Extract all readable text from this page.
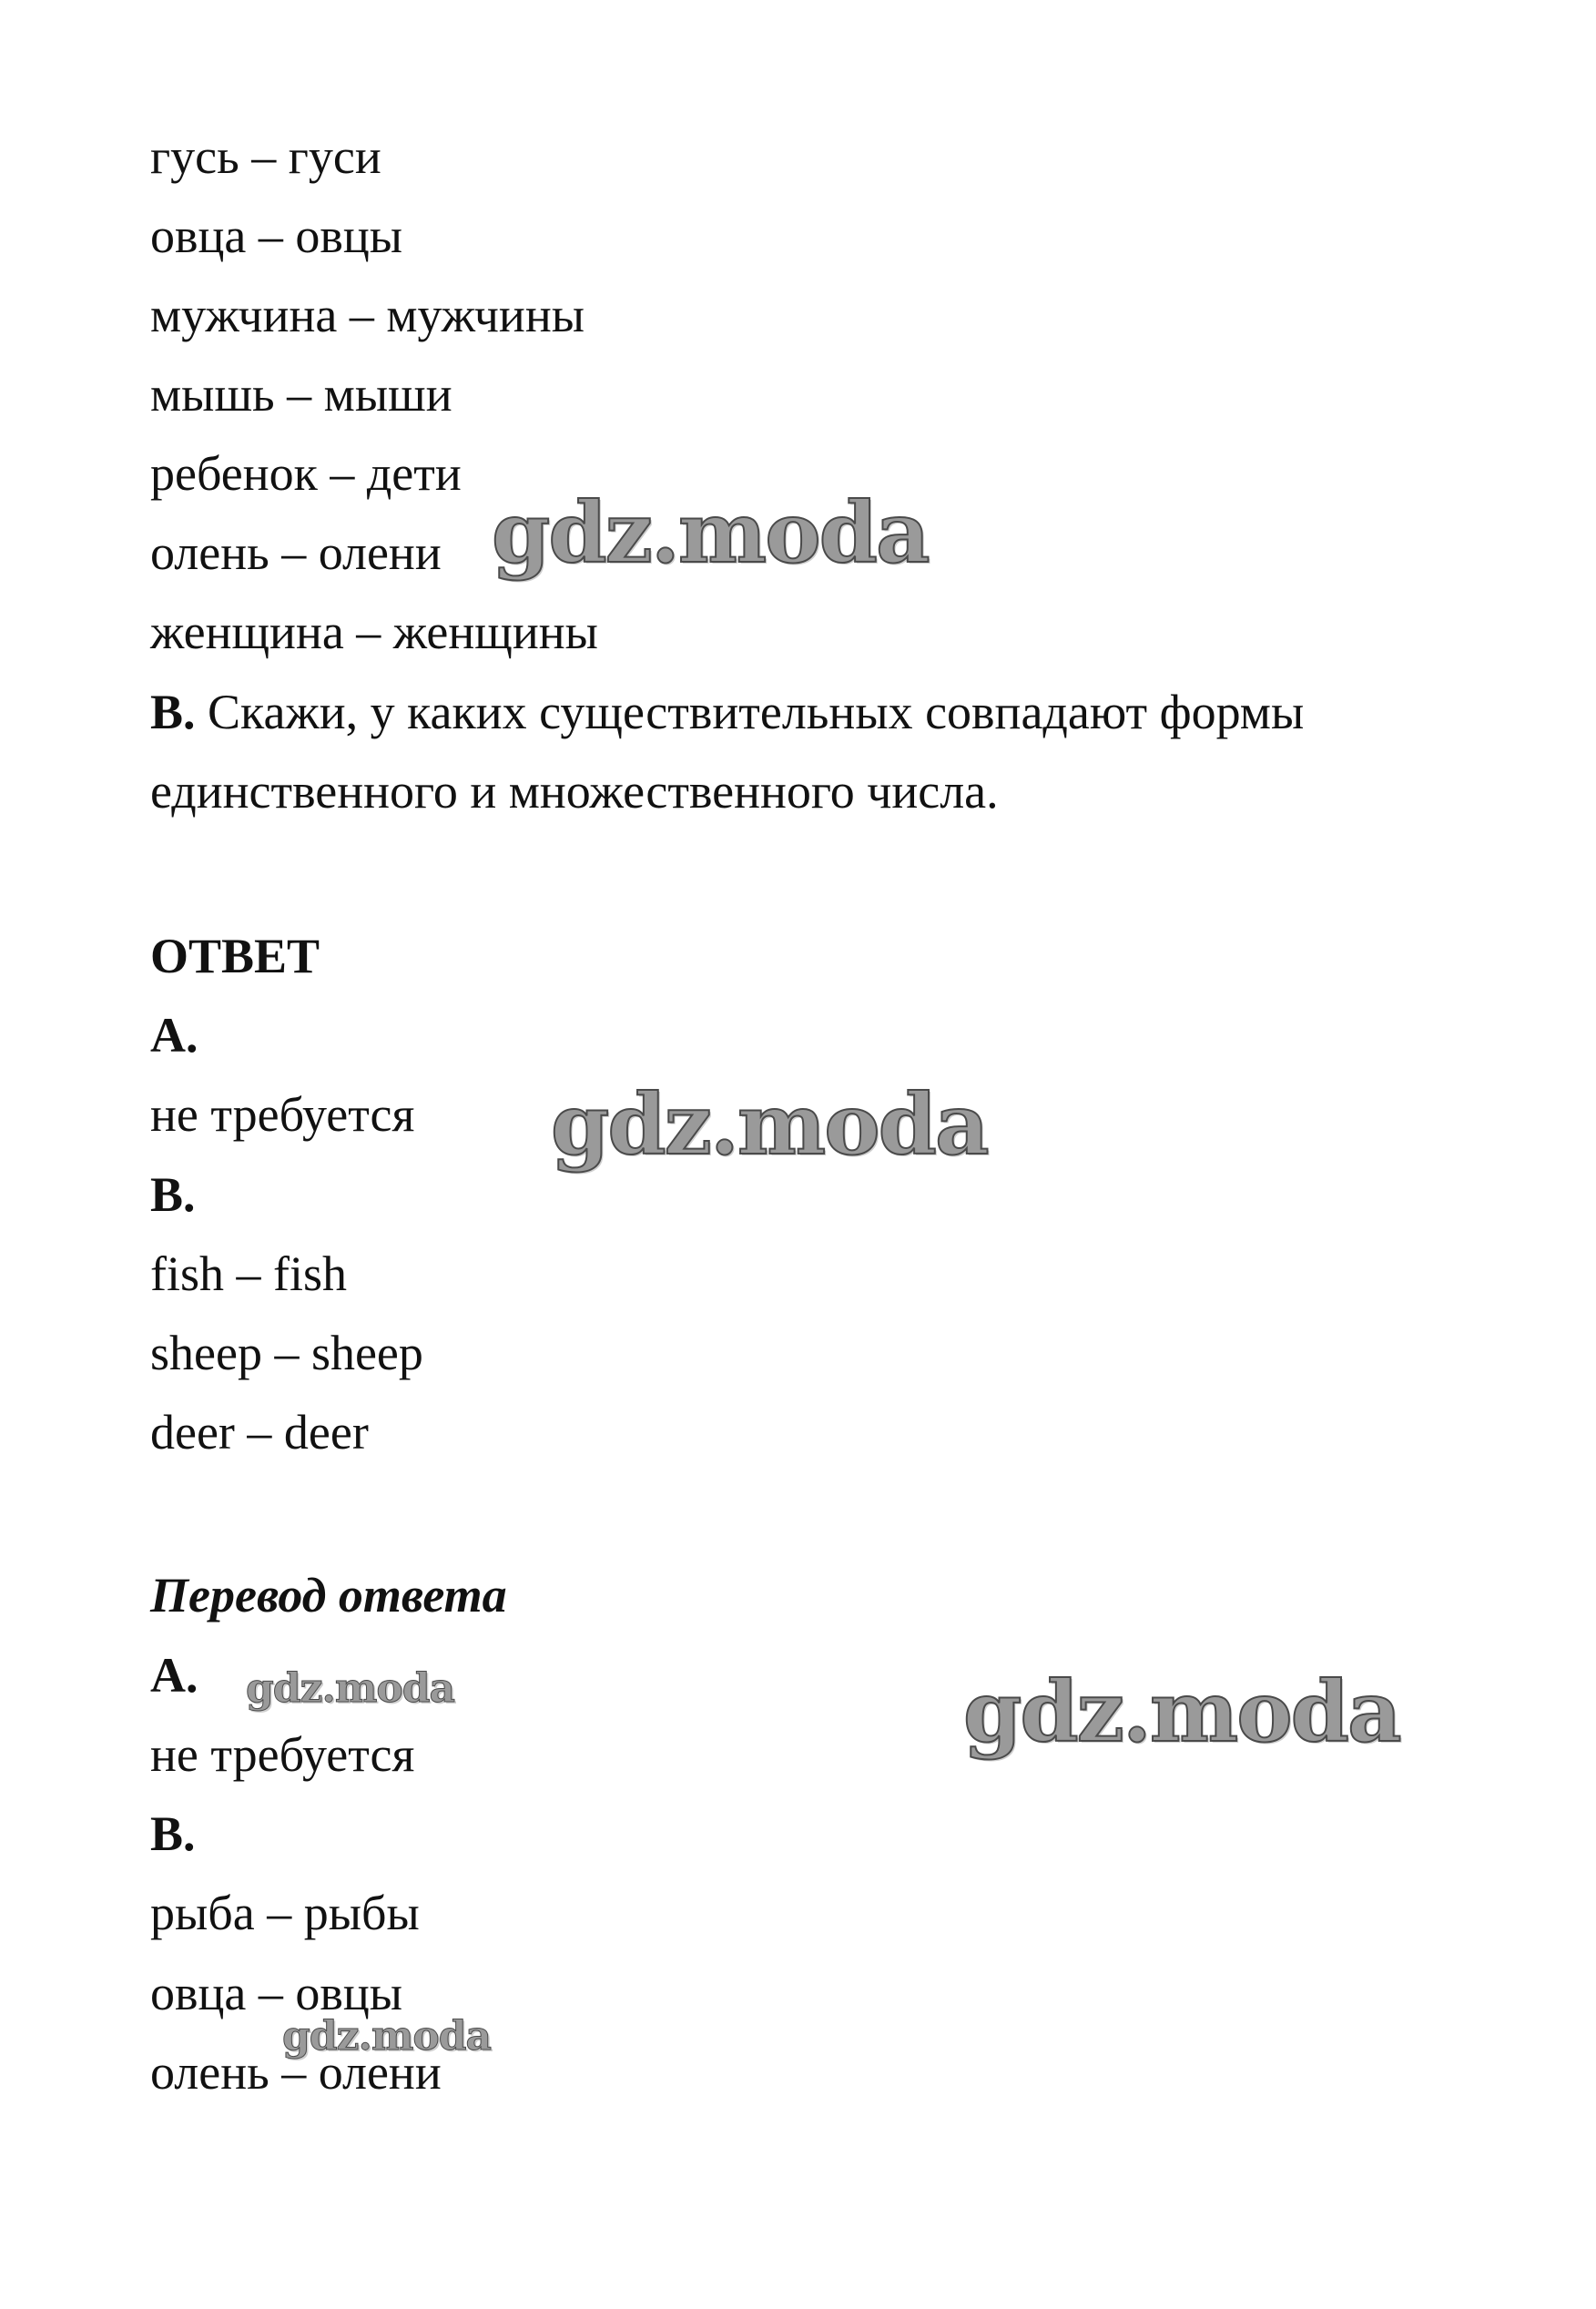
гусь – гуси

овца – овцы

мужчина – мужчины

мышь – мыши

ребенок – дети

олень – олени

женщина – женщины

B. Скажи, у каких существительных совпадают формы

единственного и множественного числа.

ОТВЕТ

A.

не требуется

B.

fish – fish

sheep – sheep

deer – deer

Перевод ответа

A.

не требуется

B.

рыба – рыбы

овца – овцы

олень – олени

gdz.moda
gdz.moda
gdz.moda
gdz.moda
gdz.moda
